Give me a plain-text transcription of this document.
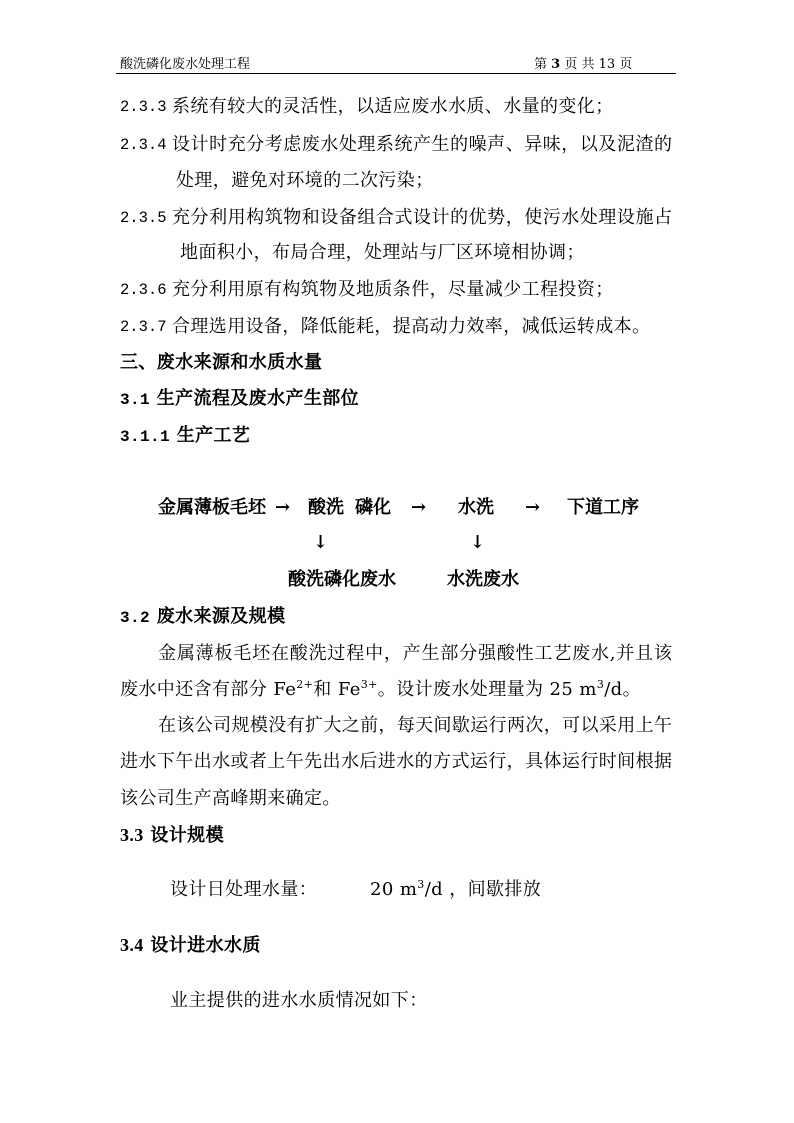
酸洗磷化废水处理工程	第 3 页 共 13 页
2.3.3 系统有较大的灵活性，以适应废水水质、水量的变化；
2.3.4 设计时充分考虑废水处理系统产生的噪声、异味，以及泥渣的
处理，避免对环境的二次污染；
2.3.5 充分利用构筑物和设备组合式设计的优势，使污水处理设施占
地面积小，布局合理，处理站与厂区环境相协调；
2.3.6 充分利用原有构筑物及地质条件，尽量减少工程投资；
2.3.7 合理选用设备，降低能耗，提高动力效率，减低运转成本。
三、废水来源和水质水量
3.1 生产流程及废水产生部位
3.1.1 生产工艺
金属薄板毛坯 → 酸洗 磷化 → 水洗 → 下道工序
↓	↓
酸洗磷化废水	水洗废水
3.2 废水来源及规模
金属薄板毛坯在酸洗过程中，产生部分强酸性工艺废水,并且该
废水中还含有部分 $Fe^{2+}$和 $Fe^{3+}$。设计废水处理量为 25 $m^3/d$。
在该公司规模没有扩大之前，每天间歇运行两次，可以采用上午
进水下午出水或者上午先出水后进水的方式运行，具体运行时间根据
该公司生产高峰期来确定。
3.3 设计规模
设计日处理水量：	20 $m^3/d$ ，间歇排放
3.4 设计进水水质
业主提供的进水水质情况如下：
